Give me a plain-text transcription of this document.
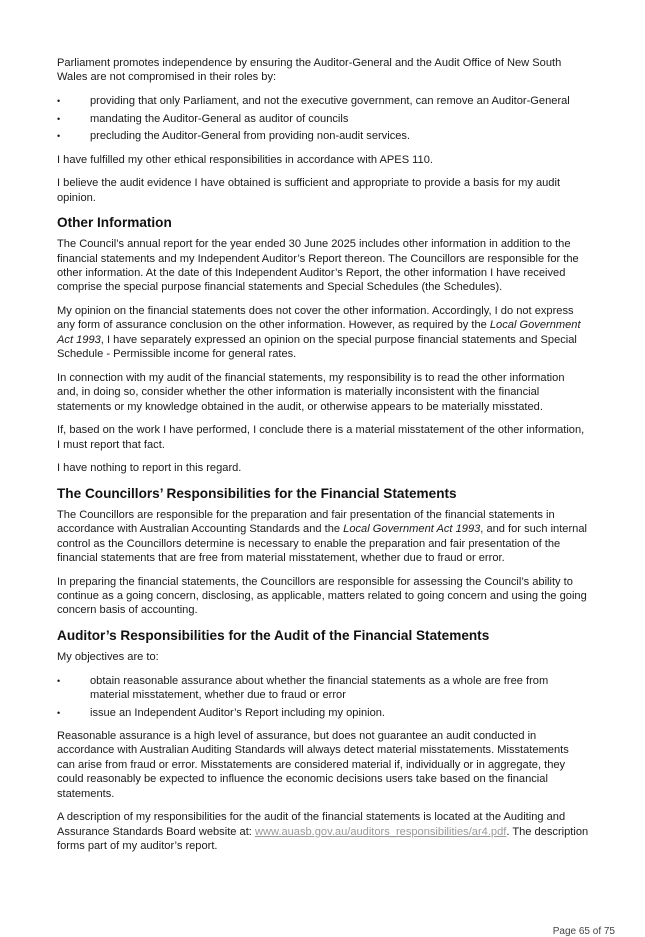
Parliament promotes independence by ensuring the Auditor-General and the Audit Office of New South Wales are not compromised in their roles by:

• providing that only Parliament, and not the executive government, can remove an Auditor-General
• mandating the Auditor-General as auditor of councils
• precluding the Auditor-General from providing non-audit services.

I have fulfilled my other ethical responsibilities in accordance with APES 110.

I believe the audit evidence I have obtained is sufficient and appropriate to provide a basis for my audit opinion.

Other Information

The Council’s annual report for the year ended 30 June 2025 includes other information in addition to the financial statements and my Independent Auditor’s Report thereon. The Councillors are responsible for the other information. At the date of this Independent Auditor’s Report, the other information I have received comprise the special purpose financial statements and Special Schedules (the Schedules).

My opinion on the financial statements does not cover the other information. Accordingly, I do not express any form of assurance conclusion on the other information. However, as required by the Local Government Act 1993, I have separately expressed an opinion on the special purpose financial statements and Special Schedule - Permissible income for general rates.

In connection with my audit of the financial statements, my responsibility is to read the other information and, in doing so, consider whether the other information is materially inconsistent with the financial statements or my knowledge obtained in the audit, or otherwise appears to be materially misstated.

If, based on the work I have performed, I conclude there is a material misstatement of the other information, I must report that fact.

I have nothing to report in this regard.

The Councillors’ Responsibilities for the Financial Statements

The Councillors are responsible for the preparation and fair presentation of the financial statements in accordance with Australian Accounting Standards and the Local Government Act 1993, and for such internal control as the Councillors determine is necessary to enable the preparation and fair presentation of the financial statements that are free from material misstatement, whether due to fraud or error.

In preparing the financial statements, the Councillors are responsible for assessing the Council’s ability to continue as a going concern, disclosing, as applicable, matters related to going concern and using the going concern basis of accounting.

Auditor’s Responsibilities for the Audit of the Financial Statements

My objectives are to:

• obtain reasonable assurance about whether the financial statements as a whole are free from material misstatement, whether due to fraud or error
• issue an Independent Auditor’s Report including my opinion.

Reasonable assurance is a high level of assurance, but does not guarantee an audit conducted in accordance with Australian Auditing Standards will always detect material misstatements. Misstatements can arise from fraud or error. Misstatements are considered material if, individually or in aggregate, they could reasonably be expected to influence the economic decisions users take based on the financial statements.

A description of my responsibilities for the audit of the financial statements is located at the Auditing and Assurance Standards Board website at: www.auasb.gov.au/auditors_responsibilities/ar4.pdf. The description forms part of my auditor’s report.

Page 65 of 75
